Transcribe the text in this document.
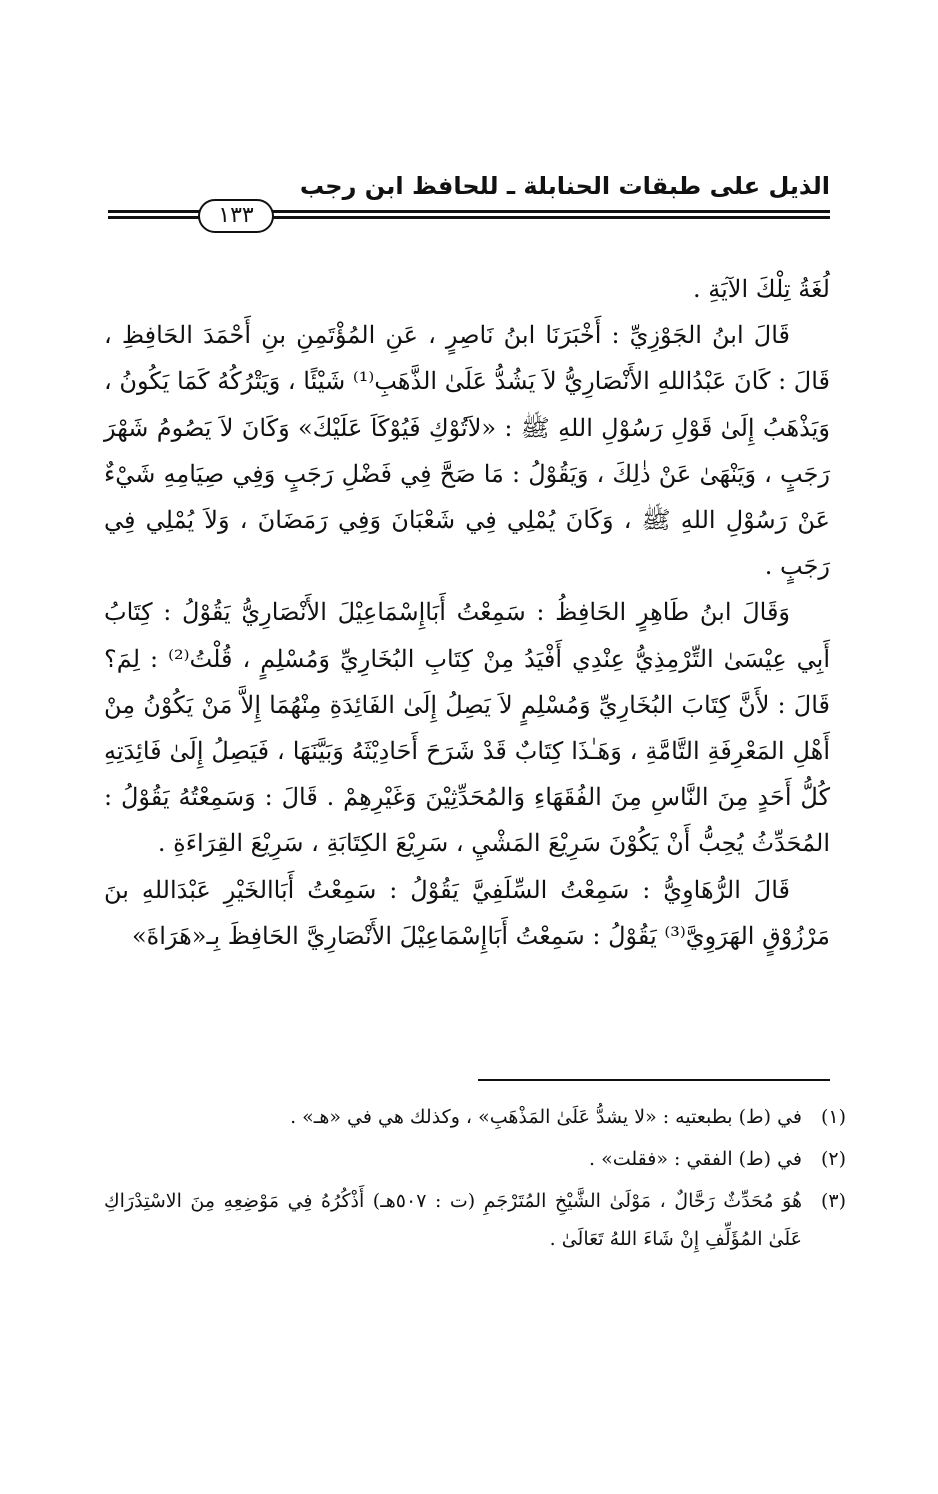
الذيل على طبقات الحنابلة ـ للحافظ ابن رجب
١٣٣

لُغَةُ تِلْكَ الآيَةِ .

قَالَ ابنُ الجَوْزِيِّ : أَخْبَرَنَا ابنُ نَاصِرٍ ، عَنِ المُؤْتَمِنِ بنِ أَحْمَدَ الحَافِظِ ، قَالَ : كَانَ عَبْدُاللهِ الأَنْصَارِيُّ لاَ يَشُدُّ عَلَىٰ الذَّهَبِ⁽¹⁾ شَيْئًا ، وَيَتْرُكُهُ كَمَا يَكُونُ ، وَيَذْهَبُ إِلَىٰ قَوْلِ رَسُوْلِ اللهِ ﷺ : «لاَتُوْكِ فَيُوْكَاَ عَلَيْكَ» وَكَانَ لاَ يَصُومُ شَهْرَ رَجَبٍ ، وَيَنْهَىٰ عَنْ ذٰلِكَ ، وَيَقُوْلُ : مَا صَحَّ فِي فَضْلِ رَجَبٍ وَفِي صِيَامِهِ شَيْءٌ عَنْ رَسُوْلِ اللهِ ﷺ ، وَكَانَ يُمْلِي فِي شَعْبَانَ وَفِي رَمَضَانَ ، وَلاَ يُمْلِي فِي رَجَبٍ .

وَقَالَ ابنُ طَاهِرٍ الحَافِظُ : سَمِعْتُ أَبَاإِسْمَاعِيْلَ الأَنْصَارِيُّ يَقُوْلُ : كِتَابُ أَبِي عِيْسَىٰ التِّرْمِذِيُّ عِنْدِي أَفْيَدُ مِنْ كِتَابِ البُخَارِيِّ وَمُسْلِمٍ ، قُلْتُ⁽²⁾ : لِمَ؟ قَالَ : لأَنَّ كِتَابَ البُخَارِيِّ وَمُسْلِمٍ لاَ يَصِلُ إِلَىٰ الفَائِدَةِ مِنْهُمَا إِلاَّ مَنْ يَكُوْنُ مِنْ أَهْلِ المَعْرِفَةِ التَّامَّةِ ، وَهَـٰذَا كِتَابٌ قَدْ شَرَحَ أَحَادِيْثَهُ وَبَيَّنَهَا ، فَيَصِلُ إِلَىٰ فَائِدَتِهِ كُلُّ أَحَدٍ مِنَ النَّاسِ مِنَ الفُقَهَاءِ وَالمُحَدِّثِيْنَ وَغَيْرِهِمْ . قَالَ : وَسَمِعْتُهُ يَقُوْلُ : المُحَدِّثُ يُحِبُّ أَنْ يَكُوْنَ سَرِيْعَ المَشْيِ ، سَرِيْعَ الكِتَابَةِ ، سَرِيْعَ القِرَاءَةِ .

قَالَ الرُّهَاوِيُّ : سَمِعْتُ السِّلَفِيَّ يَقُوْلُ : سَمِعْتُ أَبَاالخَيْرِ عَبْدَاللهِ بنَ مَرْزُوْقٍ الهَرَوِيَّ⁽³⁾ يَقُوْلُ : سَمِعْتُ أَبَاإِسْمَاعِيْلَ الأَنْصَارِيَّ الحَافِظَ بِـ«هَرَاةَ»

(١)
في (ط) بطبعتيه : «لا يشدُّ عَلَىٰ المَذْهَبِ» ، وكذلك هي في «هـ» .
(٢)
في (ط) الفقي : «فقلت» .
(٣)
هُوَ مُحَدِّثٌ رَحَّالٌ ، مَوْلَىٰ الشَّيْخِ المُتَرْجَمِ (ت : ٥٠٧هـ) أَذْكُرُهُ فِي مَوْضِعِهِ مِنَ الاسْتِدْرَاكِ عَلَىٰ المُؤَلِّفِ إِنْ شَاءَ اللهُ تَعَالَىٰ .
